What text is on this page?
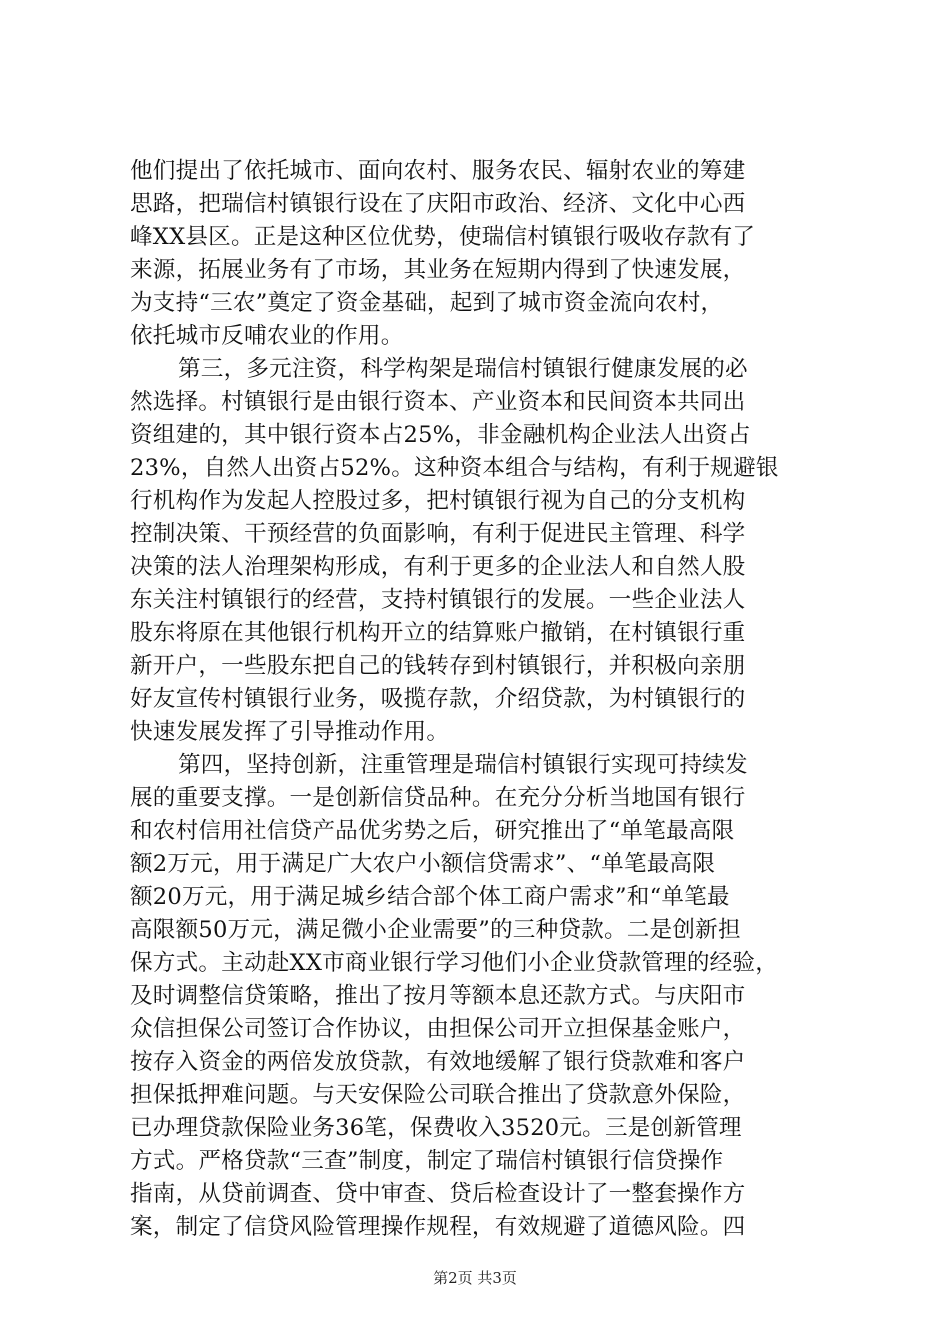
他们提出了依托城市、面向农村、服务农民、辐射农业的筹建
思路，把瑞信村镇银行设在了庆阳市政治、经济、文化中心西
峰XX县区。正是这种区位优势，使瑞信村镇银行吸收存款有了
来源，拓展业务有了市场，其业务在短期内得到了快速发展，
为支持“三农”奠定了资金基础，起到了城市资金流向农村，
依托城市反哺农业的作用。
第三，多元注资，科学构架是瑞信村镇银行健康发展的必
然选择。村镇银行是由银行资本、产业资本和民间资本共同出
资组建的，其中银行资本占25%，非金融机构企业法人出资占
23%，自然人出资占52%。这种资本组合与结构，有利于规避银
行机构作为发起人控股过多，把村镇银行视为自己的分支机构
控制决策、干预经营的负面影响，有利于促进民主管理、科学
决策的法人治理架构形成，有利于更多的企业法人和自然人股
东关注村镇银行的经营，支持村镇银行的发展。一些企业法人
股东将原在其他银行机构开立的结算账户撤销，在村镇银行重
新开户，一些股东把自己的钱转存到村镇银行，并积极向亲朋
好友宣传村镇银行业务，吸揽存款，介绍贷款，为村镇银行的
快速发展发挥了引导推动作用。
第四，坚持创新，注重管理是瑞信村镇银行实现可持续发
展的重要支撑。一是创新信贷品种。在充分分析当地国有银行
和农村信用社信贷产品优劣势之后，研究推出了“单笔最高限
额2万元，用于满足广大农户小额信贷需求”、“单笔最高限
额20万元，用于满足城乡结合部个体工商户需求”和“单笔最
高限额50万元，满足微小企业需要”的三种贷款。二是创新担
保方式。主动赴XX市商业银行学习他们小企业贷款管理的经验，
及时调整信贷策略，推出了按月等额本息还款方式。与庆阳市
众信担保公司签订合作协议，由担保公司开立担保基金账户，
按存入资金的两倍发放贷款，有效地缓解了银行贷款难和客户
担保抵押难问题。与天安保险公司联合推出了贷款意外保险，
已办理贷款保险业务36笔，保费收入3520元。三是创新管理
方式。严格贷款“三查”制度，制定了瑞信村镇银行信贷操作
指南，从贷前调查、贷中审查、贷后检查设计了一整套操作方
案，制定了信贷风险管理操作规程，有效规避了道德风险。四
第2页 共3页
